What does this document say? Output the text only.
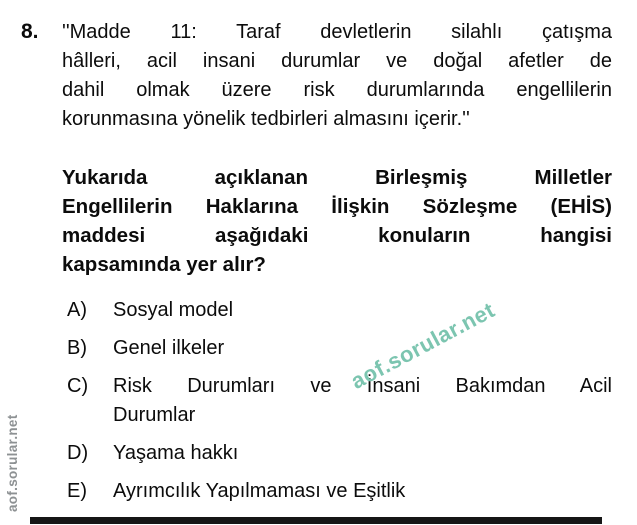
8. ''Madde 11: Taraf devletlerin silahlı çatışma
hâlleri, acil insani durumlar ve doğal afetler de
dahil olmak üzere risk durumlarında engellilerin
korunmasına yönelik tedbirleri almasını içerir.''
Yukarıda açıklanan Birleşmiş Milletler
Engellilerin Haklarına İlişkin Sözleşme (EHİS)
maddesi aşağıdaki konuların hangisi
kapsamında yer alır?
A)	Sosyal model
B)	Genel ilkeler
C)	Risk Durumları ve İnsani Bakımdan Acil
Durumlar
D)	Yaşama hakkı
E)	Ayrımcılık Yapılmaması ve Eşitlik
aof.sorular.net
aof.sorular.net
